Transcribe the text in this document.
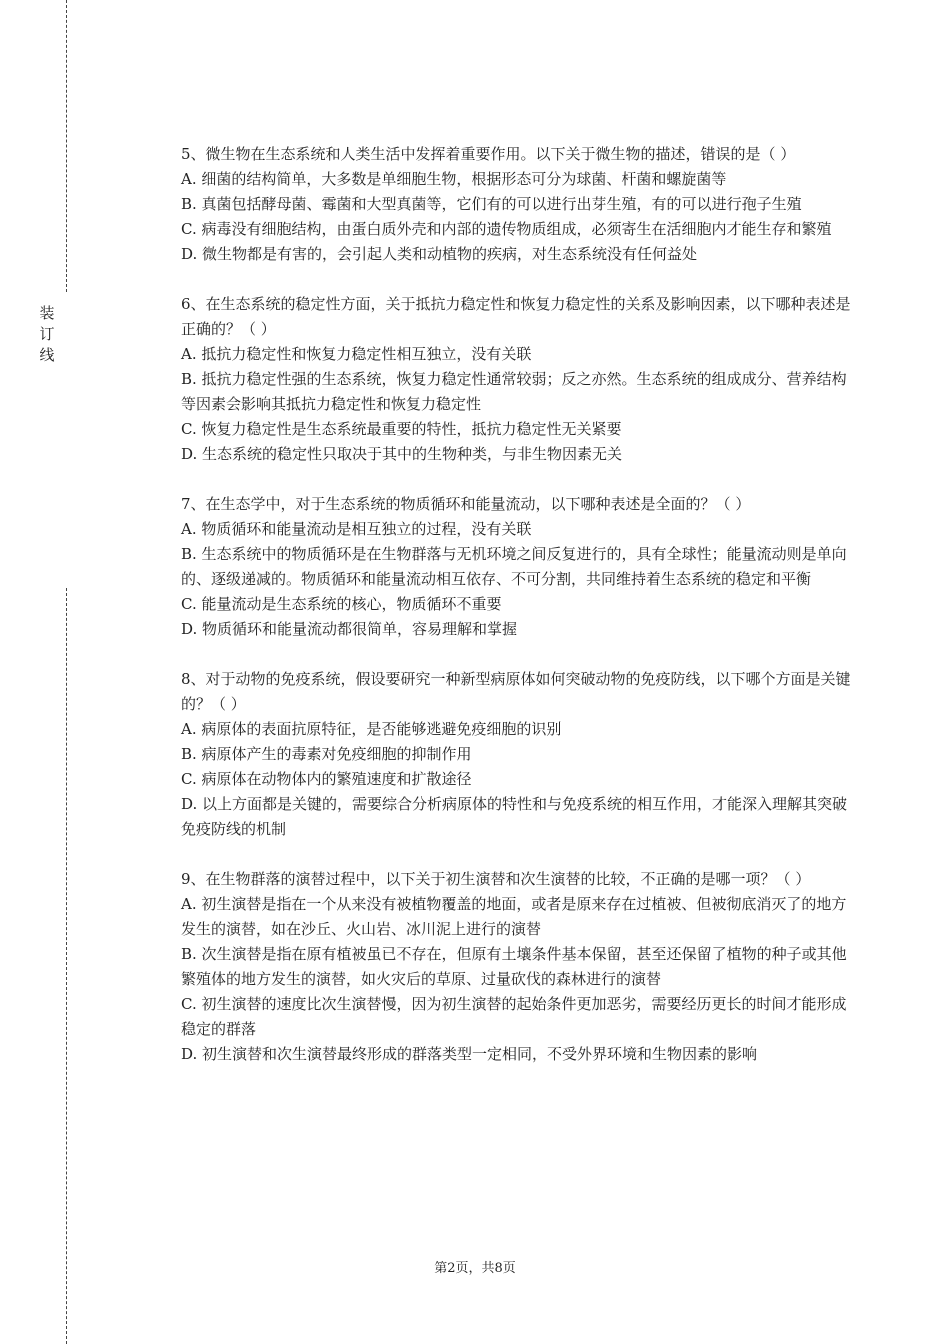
装
订
线

5、微生物在生态系统和人类生活中发挥着重要作用。以下关于微生物的描述，错误的是（ ）

A. 细菌的结构简单，大多数是单细胞生物，根据形态可分为球菌、杆菌和螺旋菌等

B. 真菌包括酵母菌、霉菌和大型真菌等，它们有的可以进行出芽生殖，有的可以进行孢子生殖

C. 病毒没有细胞结构，由蛋白质外壳和内部的遗传物质组成，必须寄生在活细胞内才能生存和繁殖

D. 微生物都是有害的，会引起人类和动植物的疾病，对生态系统没有任何益处

6、在生态系统的稳定性方面，关于抵抗力稳定性和恢复力稳定性的关系及影响因素，以下哪种表述是正确的？（ ）

A. 抵抗力稳定性和恢复力稳定性相互独立，没有关联

B. 抵抗力稳定性强的生态系统，恢复力稳定性通常较弱；反之亦然。生态系统的组成成分、营养结构等因素会影响其抵抗力稳定性和恢复力稳定性

C. 恢复力稳定性是生态系统最重要的特性，抵抗力稳定性无关紧要

D. 生态系统的稳定性只取决于其中的生物种类，与非生物因素无关

7、在生态学中，对于生态系统的物质循环和能量流动，以下哪种表述是全面的？（ ）

A. 物质循环和能量流动是相互独立的过程，没有关联

B. 生态系统中的物质循环是在生物群落与无机环境之间反复进行的，具有全球性；能量流动则是单向的、逐级递减的。物质循环和能量流动相互依存、不可分割，共同维持着生态系统的稳定和平衡

C. 能量流动是生态系统的核心，物质循环不重要

D. 物质循环和能量流动都很简单，容易理解和掌握

8、对于动物的免疫系统，假设要研究一种新型病原体如何突破动物的免疫防线，以下哪个方面是关键的？（ ）

A. 病原体的表面抗原特征，是否能够逃避免疫细胞的识别

B. 病原体产生的毒素对免疫细胞的抑制作用

C. 病原体在动物体内的繁殖速度和扩散途径

D. 以上方面都是关键的，需要综合分析病原体的特性和与免疫系统的相互作用，才能深入理解其突破免疫防线的机制

9、在生物群落的演替过程中，以下关于初生演替和次生演替的比较，不正确的是哪一项？（ ）

A. 初生演替是指在一个从来没有被植物覆盖的地面，或者是原来存在过植被、但被彻底消灭了的地方发生的演替，如在沙丘、火山岩、冰川泥上进行的演替

B. 次生演替是指在原有植被虽已不存在，但原有土壤条件基本保留，甚至还保留了植物的种子或其他繁殖体的地方发生的演替，如火灾后的草原、过量砍伐的森林进行的演替

C. 初生演替的速度比次生演替慢，因为初生演替的起始条件更加恶劣，需要经历更长的时间才能形成稳定的群落

D. 初生演替和次生演替最终形成的群落类型一定相同，不受外界环境和生物因素的影响

第2页，共8页
